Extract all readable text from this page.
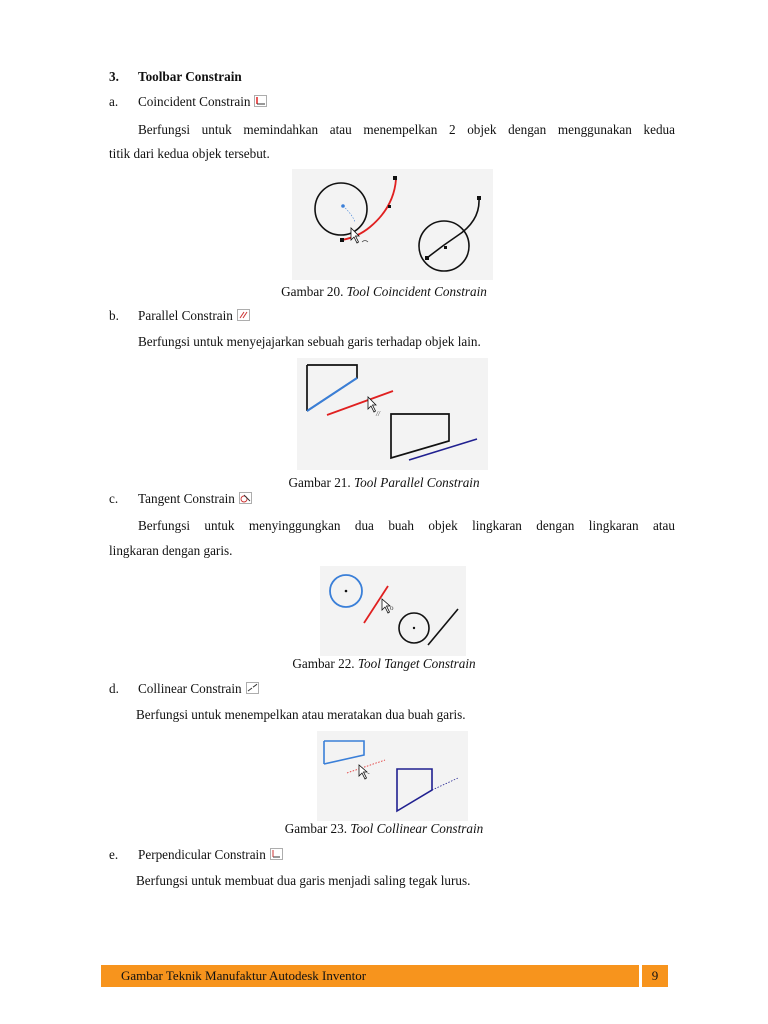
3. Toolbar Constrain
a. Coincident Constrain
Berfungsi untuk memindahkan atau menempelkan 2 objek dengan menggunakan kedua
titik dari kedua objek tersebut.
Gambar 20. Tool Coincident Constrain
b. Parallel Constrain
Berfungsi untuk menyejajarkan sebuah garis terhadap objek lain.
//
Gambar 21. Tool Parallel Constrain
c. Tangent Constrain
Berfungsi untuk menyinggungkan dua buah objek lingkaran dengan lingkaran atau
lingkaran dengan garis.
o
Gambar 22. Tool Tanget Constrain
d. Collinear Constrain
Berfungsi untuk menempelkan atau meratakan dua buah garis.
ˇ
Gambar 23. Tool Collinear Constrain
e. Perpendicular Constrain
Berfungsi untuk membuat dua garis menjadi saling tegak lurus.
Gambar Teknik Manufaktur Autodesk Inventor	9
